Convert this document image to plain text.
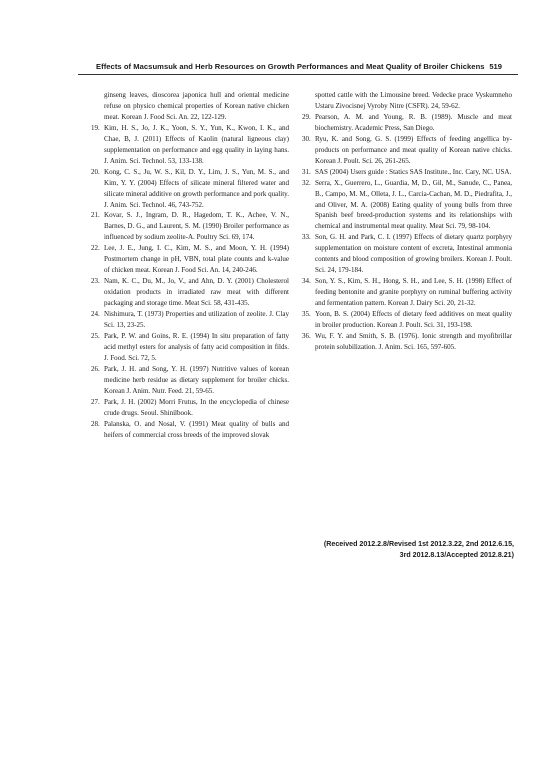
Effects of Macsumsuk and Herb Resources on Growth Performances and Meat Quality of Broiler Chickens 519
ginseng leaves, dioscorea japonica hull and oriental medicine refuse on physico chemical properties of Korean native chicken meat. Korean J. Food Sci. An. 22, 122-129.
19. Kim, H. S., Jo, J. K., Yoon, S. Y., Yun, K., Kwon, I. K., and Chae, B, J. (2011) Effects of Kaolin (natural ligneous clay) supplementation on performance and egg quality in laying hans. J. Anim. Sci. Technol. 53, 133-138.
20. Kong, C. S., Ju, W. S., Kil, D. Y., Lim, J. S., Yun, M. S., and Kim, Y. Y. (2004) Effects of silicate mineral filtered water and silicate mineral additive on growth performance and pork quality. J. Anim. Sci. Technol. 46, 743-752.
21. Kovar, S. J., Ingram, D. R., Hagedom, T. K., Achee, V. N., Barnes, D. G., and Laurent, S. M. (1990) Broiler performance as influenced by sodium zeolite-A. Poultry Sci. 69, 174.
22. Lee, J. E., Jung, I. C., Kim, M. S., and Moon, Y. H. (1994) Postmortem change in pH, VBN, total plate counts and k-value of chicken meat. Korean J. Food Sci. An. 14, 240-246.
23. Nam, K. C., Du, M., Jo, V., and Ahn, D. Y. (2001) Cholesterol oxidation products in irradiated raw meat with different packaging and storage time. Meat Sci. 58, 431-435.
24. Nishimura, T. (1973) Properties and utilization of zeolite. J. Clay Sci. 13, 23-25.
25. Park, P. W. and Goins, R. E. (1994) In situ preparation of fatty acid methyl esters for analysis of fatty acid composition in filds. J. Food. Sci. 72, 5.
26. Park, J. H. and Song, Y. H. (1997) Nutritive values of korean medicine herb residue as dietary supplement for broiler chicks. Korean J. Anim. Nutr. Feed. 21, 59-65.
27. Park, J. H. (2002) Morri Frutus, In the encyclopedia of chinese crude drugs. Seoul. Shinilbook.
28. Palanska, O. and Nosal, V. (1991) Meat quality of bulls and heifers of commercial cross breeds of the improved slovak
spotted cattle with the Limousine breed. Vedecke prace Vyskumneho Ustaru Zivocisnej Vyroby Nitre (CSFR). 24, 59-62.
29. Pearson, A. M. and Young, R. B. (1989). Muscle and meat biochemistry. Academic Press, San Diego.
30. Ryu, K. and Song, G. S. (1999) Effects of feeding angellica by-products on performance and meat quality of Korean native chicks. Korean J. Poult. Sci. 26, 261-265.
31. SAS (2004) Users guide : Statics SAS Institute., Inc. Cary, NC. USA.
32. Serra, X., Guerrero, L., Guardia, M, D., Gil, M., Sanude, C., Panea, B., Campo, M. M., Olleta, J. L., Carcia-Cachan, M. D., Piedrafita, J., and Oliver, M. A. (2008) Eating quality of young bulls from three Spanish beef breed-production systems and its relationships with chemical and instrumental meat quality. Meat Sci. 79, 98-104.
33. Son, G. H. and Park, C. I. (1997) Effects of dietary quartz porphyry supplementation on moisture content of excreta, Intestinal ammonia contents and blood composition of growing broilers. Korean J. Poult. Sci. 24, 179-184.
34. Son, Y. S., Kim, S. H., Hong, S. H., and Lee, S. H. (1998) Effect of feeding bentonite and granite porphyry on ruminal buffering activity and fermentation pattern. Korean J. Dairy Sci. 20, 21-32.
35. Yoon, B. S. (2004) Effects of dietary feed additives on meat quality in broiler production. Korean J. Poult. Sci. 31, 193-198.
36. Wu, F. Y. and Smith, S. B. (1976). Ionic strength and myofibrillar protein solubilization. J. Anim. Sci. 165, 597-605.
(Received 2012.2.8/Revised 1st 2012.3.22, 2nd 2012.6.15,
3rd 2012.8.13/Accepted 2012.8.21)
